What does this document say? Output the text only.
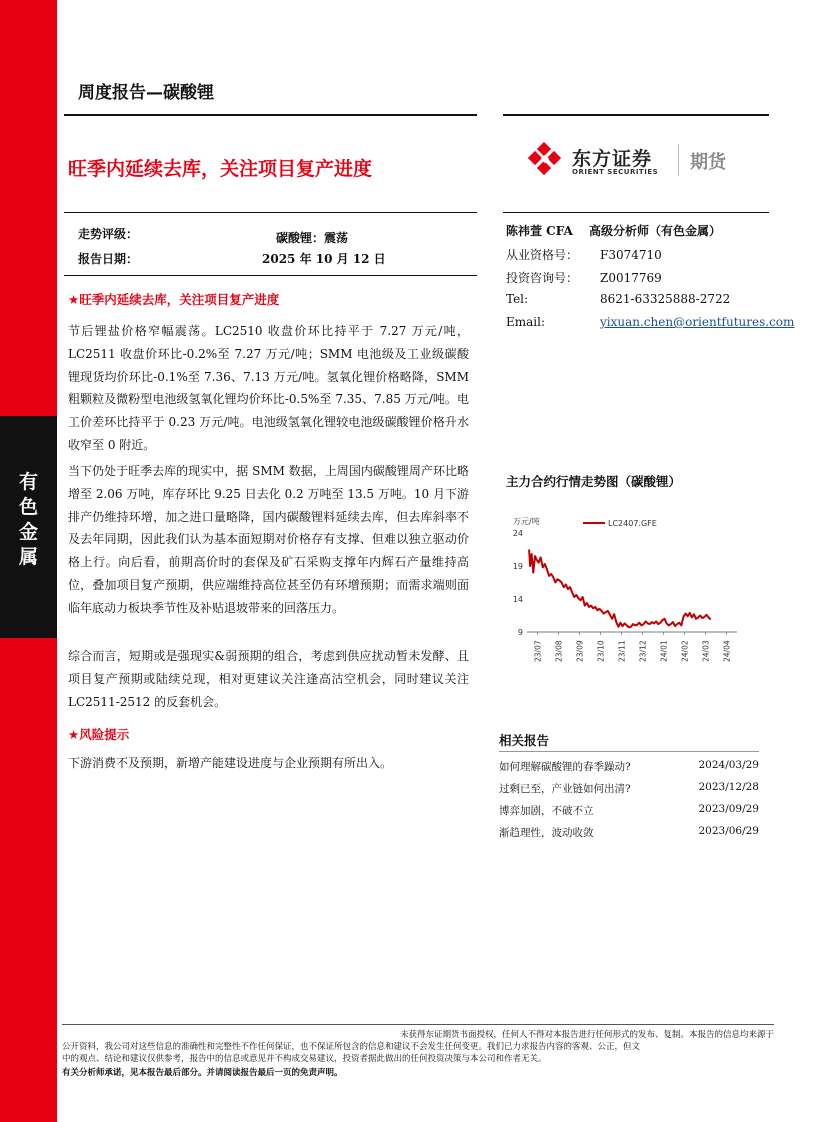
有
色
金
属
周度报告—碳酸锂
旺季内延续去库，关注项目复产进度	东方证券
ORIENT SECURITIES 期货
走势评级：	碳酸锂：震荡
报告日期：	2025 年 10 月 12 日
陈祎萱 CFA　 高级分析师（有色金属）
从业资格号： F3074710
投资咨询号： Z0017769
Tel:	8621-63325888-2722
Email:	yixuan.chen@orientfutures.com
★旺季内延续去库，关注项目复产进度
节后锂盐价格窄幅震荡。LC2510 收盘价环比持平于 7.27 万元/吨，LC2511 收盘价环比-0.2%至 7.27 万元/吨；SMM 电池级及工业级碳酸锂现货均价环比-0.1%至 7.36、7.13 万元/吨。氢氧化锂价格略降，SMM 粗颗粒及微粉型电池级氢氧化锂均价环比-0.5%至 7.35、7.85 万元/吨。电工价差环比持平于 0.23 万元/吨。电池级氢氧化锂较电池级碳酸锂价格升水收窄至 0 附近。
当下仍处于旺季去库的现实中，据 SMM 数据，上周国内碳酸锂周产环比略增至 2.06 万吨，库存环比 9.25 日去化 0.2 万吨至 13.5 万吨。10 月下游排产仍维持环增，加之进口量略降，国内碳酸锂料延续去库，但去库斜率不及去年同期，因此我们认为基本面短期对价格存有支撑、但难以独立驱动价格上行。向后看，前期高价时的套保及矿石采购支撑年内辉石产量维持高位，叠加项目复产预期，供应端维持高位甚至仍有环增预期；而需求端则面临年底动力板块季节性及补贴退坡带来的回落压力。
综合而言，短期或是强现实&弱预期的组合，考虑到供应扰动暂未发酵、且项目复产预期或陆续兑现，相对更建议关注逢高沽空机会，同时建议关注 LC2511-2512 的反套机会。
★风险提示
下游消费不及预期，新增产能建设进度与企业预期有所出入。
主力合约行情走势图（碳酸锂）
万元/吨
9
14
19
24
23/07 23/08 23/09 23/10 23/11 23/12 24/01 24/02 24/03 24/04
LC2407.GFE
相关报告
如何理解碳酸锂的春季躁动?	2024/03/29
过剩已至，产业链如何出清?	2023/12/28
博弈加剧，不破不立	2023/09/29
渐趋理性，波动收敛	2023/06/29
未获得东证期货书面授权，任何人不得对本报告进行任何形式的发布、复制。本报告的信息均来源于
公开资料，我公司对这些信息的准确性和完整性不作任何保证，也不保证所包含的信息和建议不会发生任何变更。我们已力求报告内容的客观、公正，但文
中的观点、结论和建议仅供参考，报告中的信息或意见并不构成交易建议，投资者据此做出的任何投资决策与本公司和作者无关。
有关分析师承诺，见本报告最后部分。并请阅读报告最后一页的免责声明。
